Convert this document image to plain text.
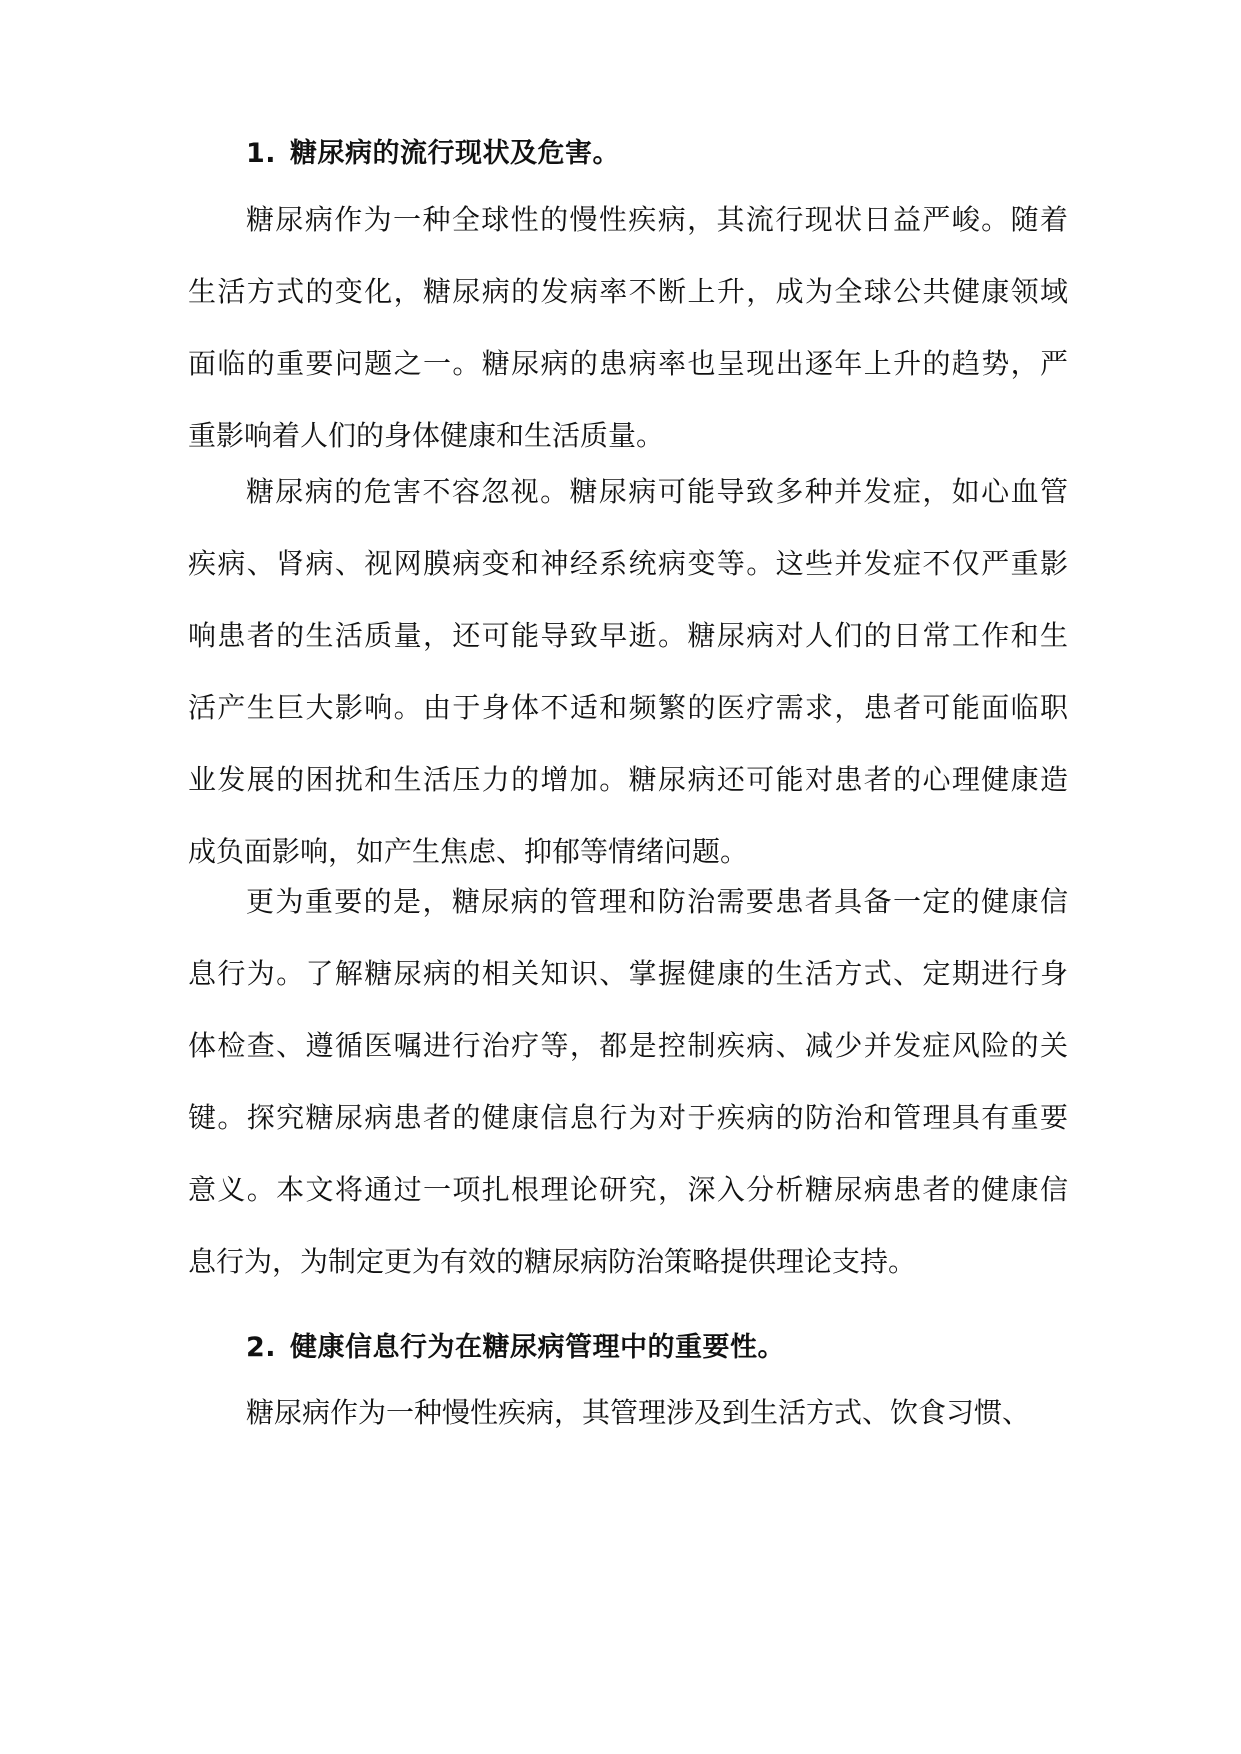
1. 糖尿病的流行现状及危害。
糖尿病作为一种全球性的慢性疾病，其流行现状日益严峻。随着
生活方式的变化，糖尿病的发病率不断上升，成为全球公共健康领域
面临的重要问题之一。糖尿病的患病率也呈现出逐年上升的趋势，严
重影响着人们的身体健康和生活质量。
糖尿病的危害不容忽视。糖尿病可能导致多种并发症，如心血管
疾病、肾病、视网膜病变和神经系统病变等。这些并发症不仅严重影
响患者的生活质量，还可能导致早逝。糖尿病对人们的日常工作和生
活产生巨大影响。由于身体不适和频繁的医疗需求，患者可能面临职
业发展的困扰和生活压力的增加。糖尿病还可能对患者的心理健康造
成负面影响，如产生焦虑、抑郁等情绪问题。
更为重要的是，糖尿病的管理和防治需要患者具备一定的健康信
息行为。了解糖尿病的相关知识、掌握健康的生活方式、定期进行身
体检查、遵循医嘱进行治疗等，都是控制疾病、减少并发症风险的关
键。探究糖尿病患者的健康信息行为对于疾病的防治和管理具有重要
意义。本文将通过一项扎根理论研究，深入分析糖尿病患者的健康信
息行为，为制定更为有效的糖尿病防治策略提供理论支持。
2. 健康信息行为在糖尿病管理中的重要性。
糖尿病作为一种慢性疾病，其管理涉及到生活方式、饮食习惯、
